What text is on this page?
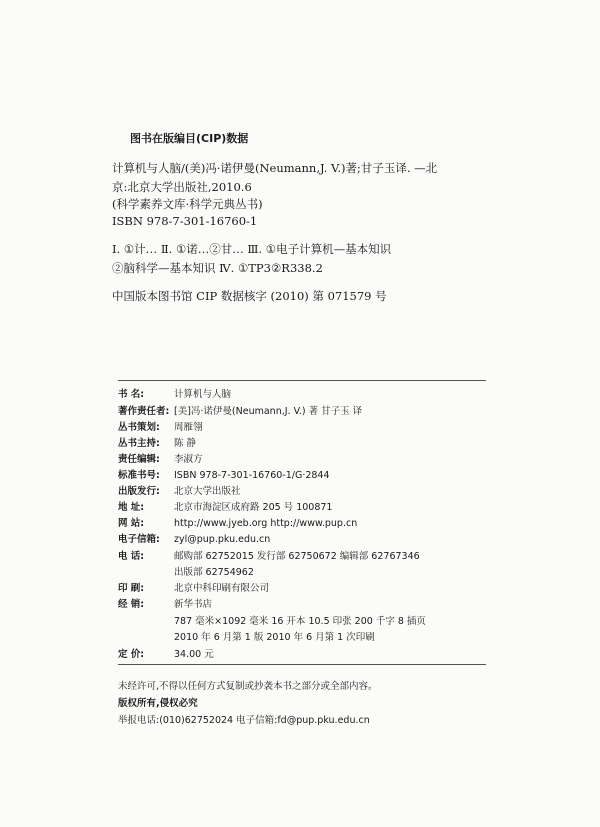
图书在版编目(CIP)数据
计算机与人脑/(美)冯·诺伊曼(Neumann,J. V.)著;甘子玉译. —北
京:北京大学出版社,2010.6
(科学素养文库·科学元典丛书)
ISBN 978-7-301-16760-1
Ⅰ. ①计… Ⅱ. ①诺…②甘… Ⅲ. ①电子计算机—基本知识
②脑科学—基本知识 Ⅳ. ①TP3②R338.2
中国版本图书馆 CIP 数据核字 (2010) 第 071579 号
书 名:	计算机与人脑
著作责任者: [美]冯·诺伊曼(Neumann,J. V.) 著 甘子玉 译
丛书策划: 周雁翎
丛书主持: 陈 静
责任编辑: 李淑方
标准书号: ISBN 978-7-301-16760-1/G·2844
出版发行: 北京大学出版社
地 址:	北京市海淀区成府路 205 号 100871
网 站:	http://www.jyeb.org http://www.pup.cn
电子信箱: zyl@pup.pku.edu.cn
电 话:	邮购部 62752015 发行部 62750672 编辑部 62767346
出版部 62754962
印 刷:	北京中科印刷有限公司
经 销:	新华书店
787 毫米×1092 毫米 16 开本 10.5 印张 200 千字 8 插页
2010 年 6 月第 1 版 2010 年 6 月第 1 次印刷
定 价:	34.00 元
未经许可,不得以任何方式复制或抄袭本书之部分或全部内容。
版权所有,侵权必究
举报电话:(010)62752024 电子信箱:fd@pup.pku.edu.cn
